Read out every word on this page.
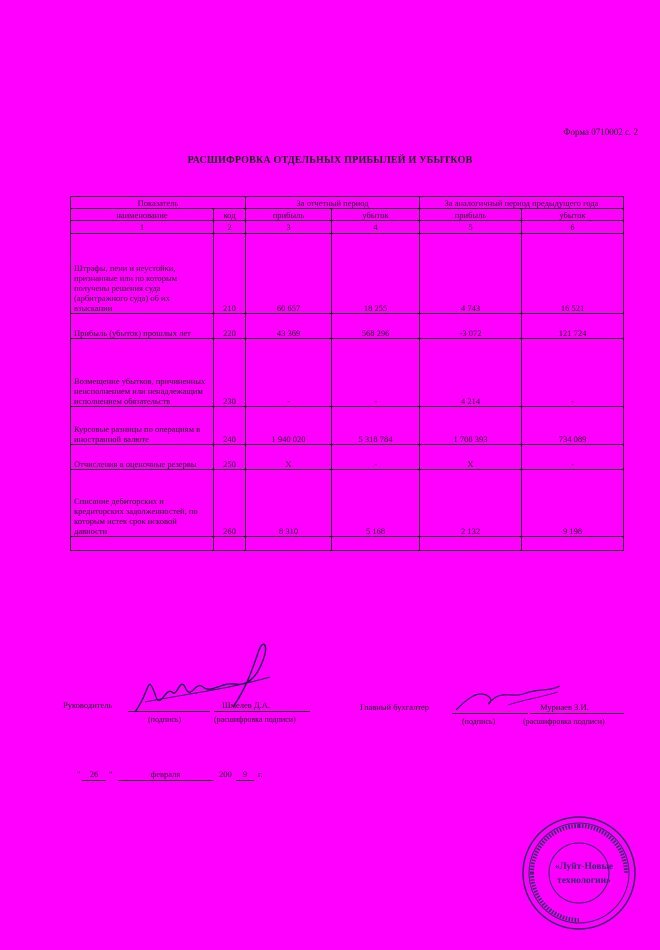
Форма 0710002 с. 2
РАСШИФРОВКА ОТДЕЛЬНЫХ ПРИБЫЛЕЙ И УБЫТКОВ
Показатель		За отчетный период		За аналогичный период предыдущего года	
наименование	код	прибыль	убыток	прибыль	убыток
1	2	3	4	5	6
Штрафы, пени и неустойки, признанные или по которым получены решения суда (арбитражного суда) об их взыскании	210	60 657	18 255	4 743	16 521
Прибыль (убыток) прошлых лет	220	43 369	568 296	-3 072	121 724
Возмещение убытков, причиненных неисполнением или ненадлежащим исполнением обязательств	230	-	-	4 214	-
Курсовые разницы по операциям в иностранной валюте	240	1 940 020	5 318 784	1 708 393	734 089
Отчисления в оценочные резервы	250	Х	-	Х	-
Списание дебиторских и кредиторских задолженностей, по которым истек срок исковой давности	260	8 310	5 168	2 132	9 198

Руководитель	Шмелев Д.А.
(подпись)	(расшифровка подписи)
Главный бухгалтер	Муриаев З.И.
(подпись)	(расшифровка подписи)
"	26	"	февраля	200	9	г.
«Луйт-Новые
технологии»
